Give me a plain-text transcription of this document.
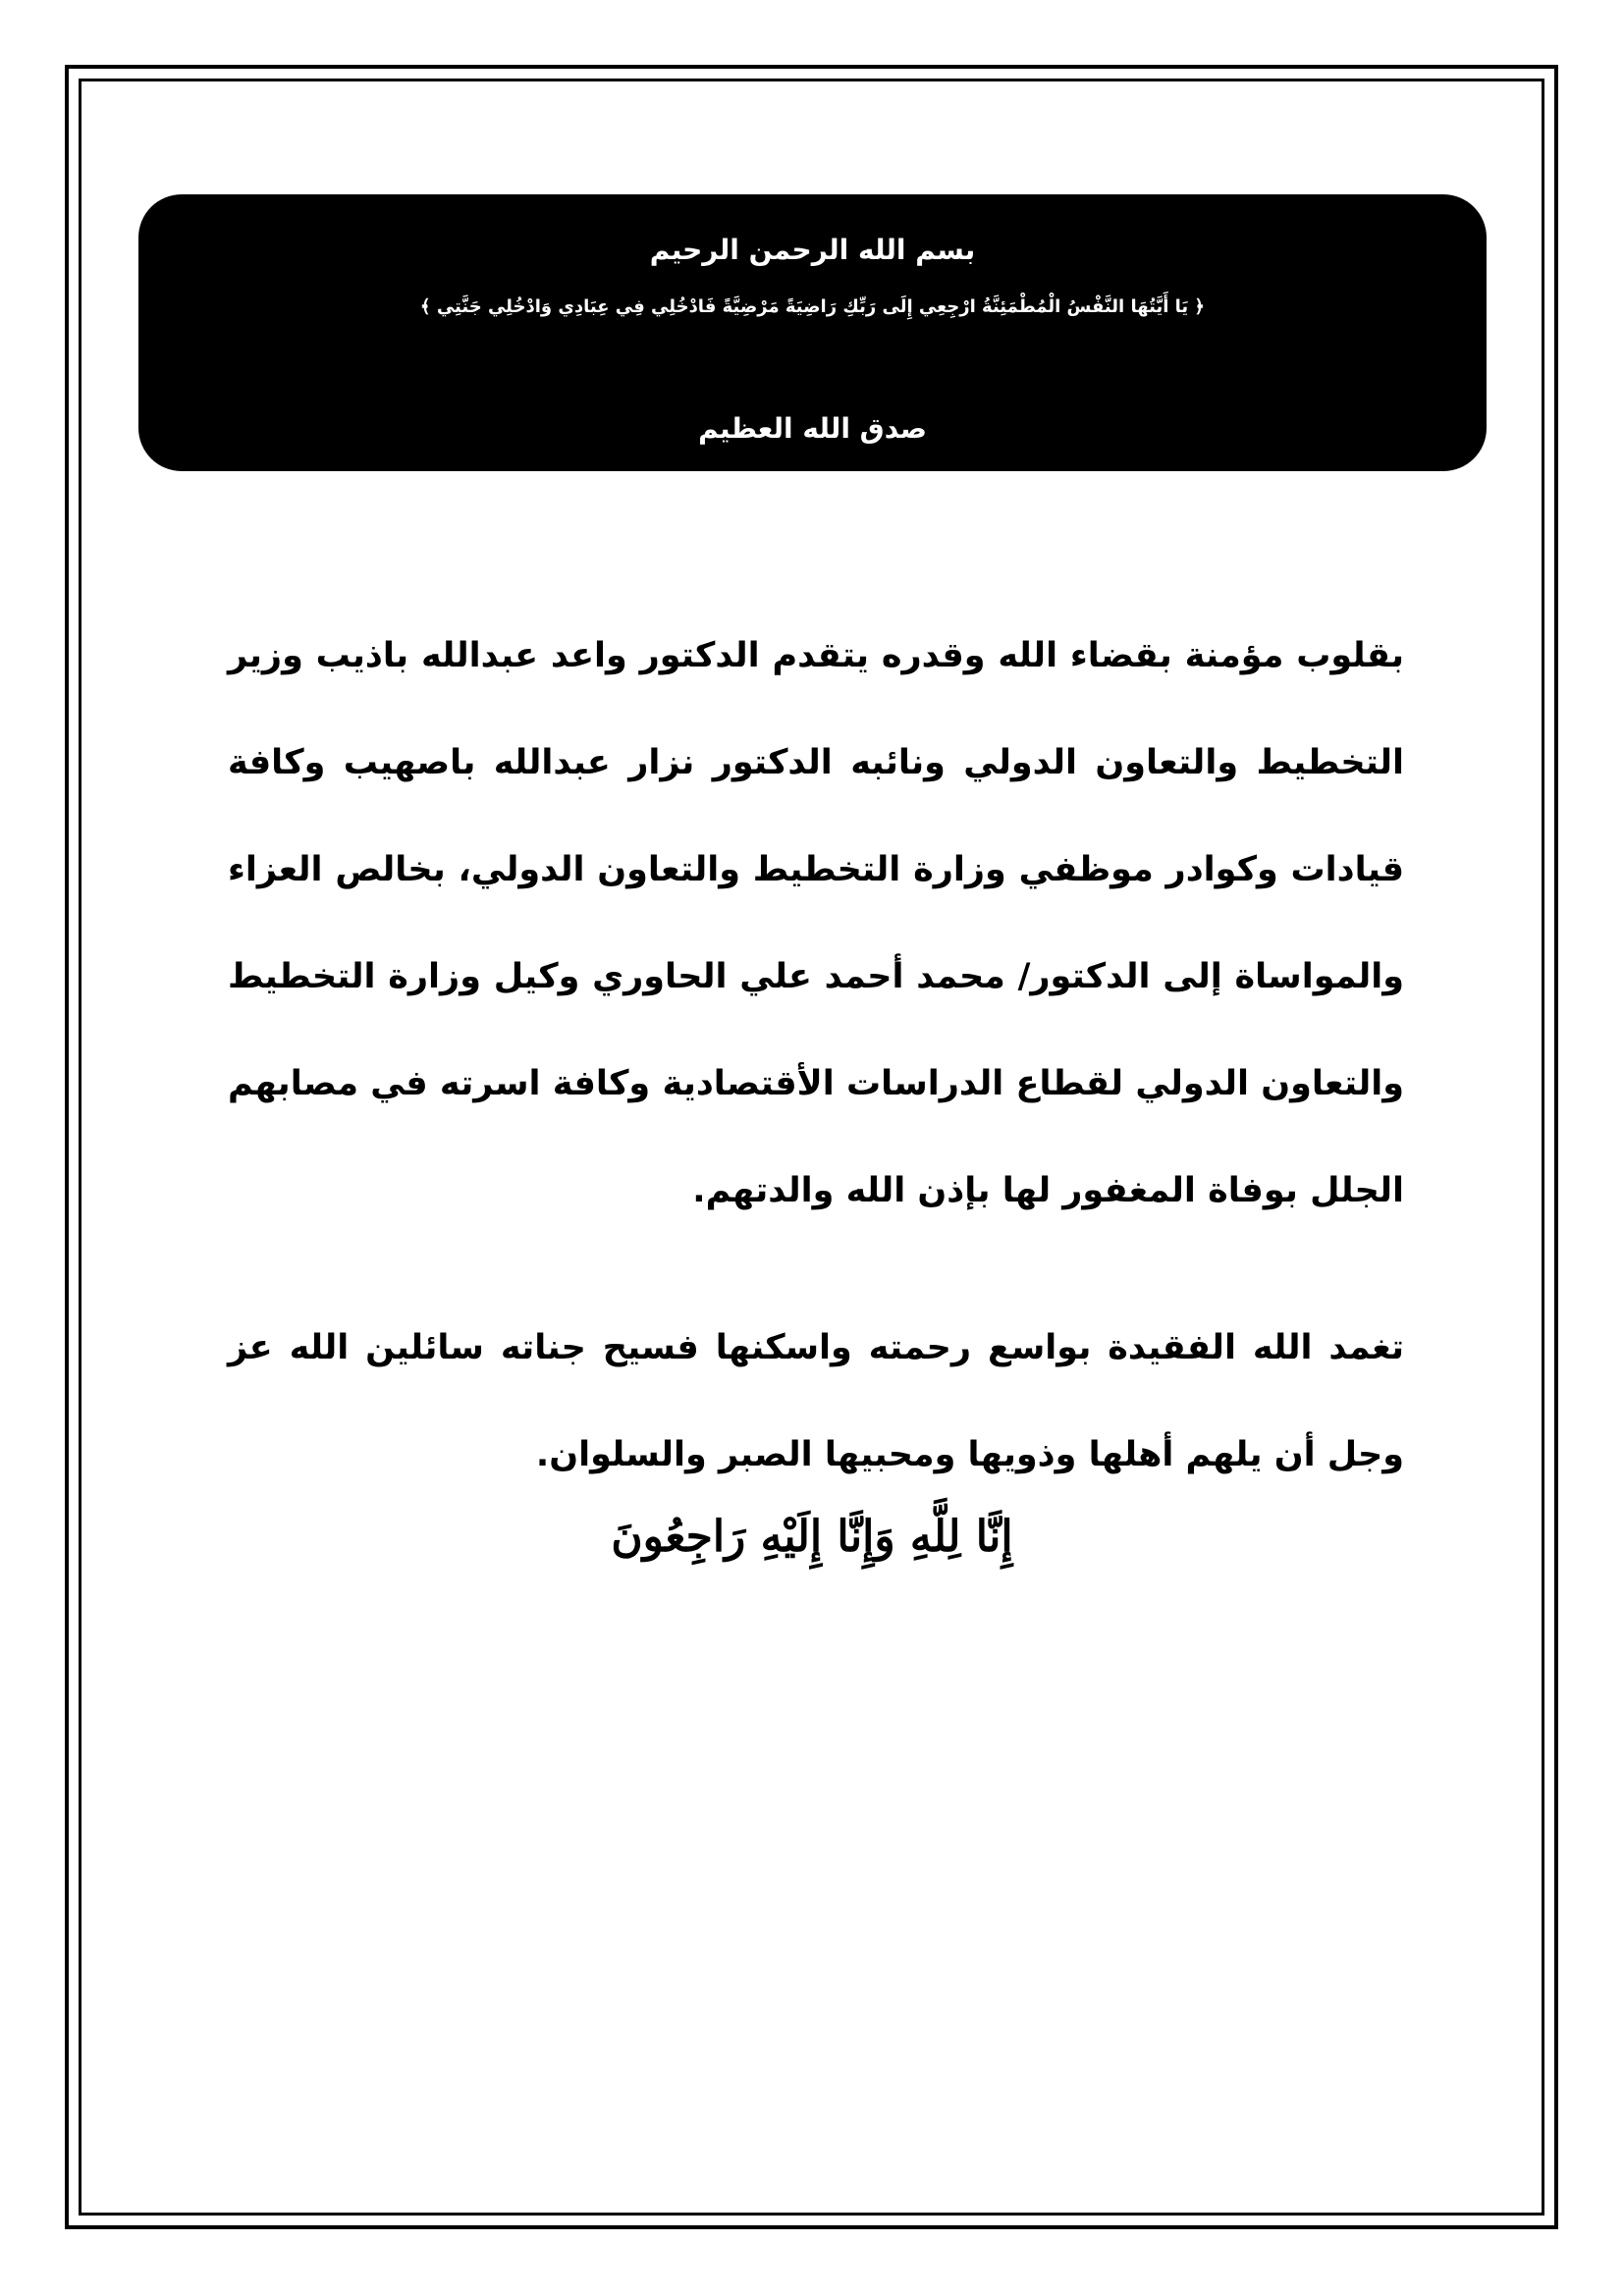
بسم الله الرحمن الرحيم
﴿ يَا أَيَّتُهَا النَّفْسُ الْمُطْمَئِنَّةُ ارْجِعِي إِلَى رَبِّكِ رَاضِيَةً مَرْضِيَّةً فَادْخُلِي فِي عِبَادِي وَادْخُلِي جَنَّتِي ﴾
صدق الله العظيم
بقلوب مؤمنة بقضاء الله وقدره يتقدم الدكتور واعد عبدالله باذيب وزير التخطيط والتعاون الدولي ونائبه الدكتور نزار عبدالله باصهيب وكافة قيادات وكوادر موظفي وزارة التخطيط والتعاون الدولي، بخالص العزاء والمواساة إلى الدكتور/ محمد أحمد علي الحاوري وكيل وزارة التخطيط والتعاون الدولي لقطاع الدراسات الأقتصادية وكافة اسرته في مصابهم الجلل بوفاة المغفور لها بإذن الله والدتهم.
تغمد الله الفقيدة بواسع رحمته واسكنها فسيح جناته سائلين الله عز وجل أن يلهم أهلها وذويها ومحبيها الصبر والسلوان.
إِنَّا لِلَّهِ وَإِنَّا إِلَيْهِ رَاجِعُونَ
